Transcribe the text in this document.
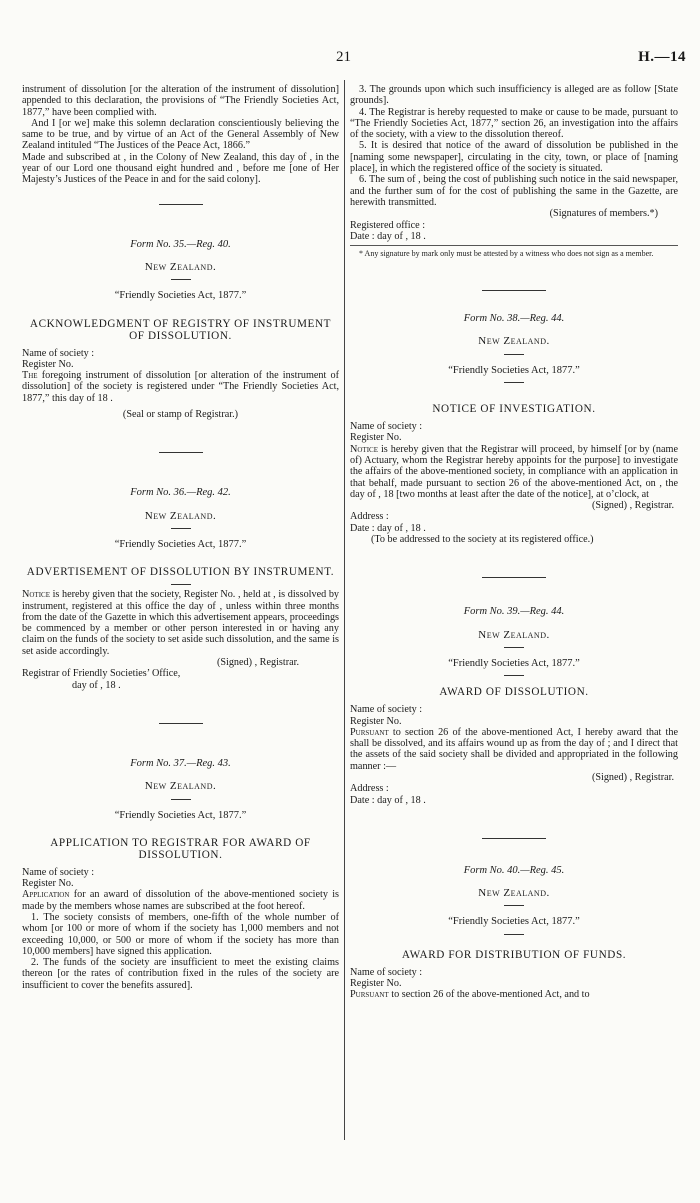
21	H.—14

instrument of dissolution [or the alteration of the instrument of dissolution] appended to this declaration, the provisions of “The Friendly Societies Act, 1877,” have been complied with.

And I [or we] make this solemn declaration conscientiously believing the same to be true, and by virtue of an Act of the General Assembly of New Zealand intituled “The Justices of the Peace Act, 1866.”

Made and subscribed at , in the Colony of New Zealand, this day of , in the year of our Lord one thousand eight hundred and , before me [one of Her Majesty’s Justices of the Peace in and for the said colony].

Form No. 35.—Reg. 40.
New Zealand.
“Friendly Societies Act, 1877.”
ACKNOWLEDGMENT OF REGISTRY OF INSTRUMENT OF DISSOLUTION.

Name of society :

Register No.

The foregoing instrument of dissolution [or alteration of the instrument of dissolution] of the society is registered under “The Friendly Societies Act, 1877,” this day of 18 .

(Seal or stamp of Registrar.)

Form No. 36.—Reg. 42.
New Zealand.
“Friendly Societies Act, 1877.”
ADVERTISEMENT OF DISSOLUTION BY INSTRUMENT.

Notice is hereby given that the society, Register No. , held at , is dissolved by instrument, registered at this office the day of , unless within three months from the date of the Gazette in which this advertisement appears, proceedings be commenced by a member or other person interested in or having any claim on the funds of the society to set aside such dissolution, and the same is set aside accordingly.

(Signed) , Registrar.

Registrar of Friendly Societies’ Office,

day of , 18 .

Form No. 37.—Reg. 43.
New Zealand.
“Friendly Societies Act, 1877.”
APPLICATION TO REGISTRAR FOR AWARD OF DISSOLUTION.

Name of society :

Register No.

Application for an award of dissolution of the above-mentioned society is made by the members whose names are subscribed at the foot hereof.

1. The society consists of members, one-fifth of the whole number of whom [or 100 or more of whom if the society has 1,000 members and not exceeding 10,000, or 500 or more of whom if the society has more than 10,000 members] have signed this application.

2. The funds of the society are insufficient to meet the existing claims thereon [or the rates of contribution fixed in the rules of the society are insufficient to cover the benefits assured].

3. The grounds upon which such insufficiency is alleged are as follow [State grounds].

4. The Registrar is hereby requested to make or cause to be made, pursuant to “The Friendly Societies Act, 1877,” section 26, an investigation into the affairs of the society, with a view to the dissolution thereof.

5. It is desired that notice of the award of dissolution be published in the [naming some newspaper], circulating in the city, town, or place of [naming place], in which the registered office of the society is situated.

6. The sum of , being the cost of publishing such notice in the said newspaper, and the further sum of for the cost of publishing the same in the Gazette, are herewith transmitted.

(Signatures of members.*)

Registered office :

Date : day of , 18 .

* Any signature by mark only must be attested by a witness who does not sign as a member.

Form No. 38.—Reg. 44.
New Zealand.
“Friendly Societies Act, 1877.”
NOTICE OF INVESTIGATION.

Name of society :

Register No.

Notice is hereby given that the Registrar will proceed, by himself [or by (name of) Actuary, whom the Registrar hereby appoints for the purpose] to investigate the affairs of the above-mentioned society, in compliance with an application in that behalf, made pursuant to section 26 of the above-mentioned Act, on , the day of , 18 [two months at least after the date of the notice], at o’clock, at

(Signed) , Registrar.

Address :

Date : day of , 18 .

(To be addressed to the society at its registered office.)

Form No. 39.—Reg. 44.
New Zealand.
“Friendly Societies Act, 1877.”
AWARD OF DISSOLUTION.

Name of society :

Register No.

Pursuant to section 26 of the above-mentioned Act, I hereby award that the shall be dissolved, and its affairs wound up as from the day of ; and I direct that the assets of the said society shall be divided and appropriated in the following manner :—

(Signed) , Registrar.

Address :

Date : day of , 18 .

Form No. 40.—Reg. 45.
New Zealand.
“Friendly Societies Act, 1877.”
AWARD FOR DISTRIBUTION OF FUNDS.

Name of society :

Register No.

Pursuant to section 26 of the above-mentioned Act, and to
